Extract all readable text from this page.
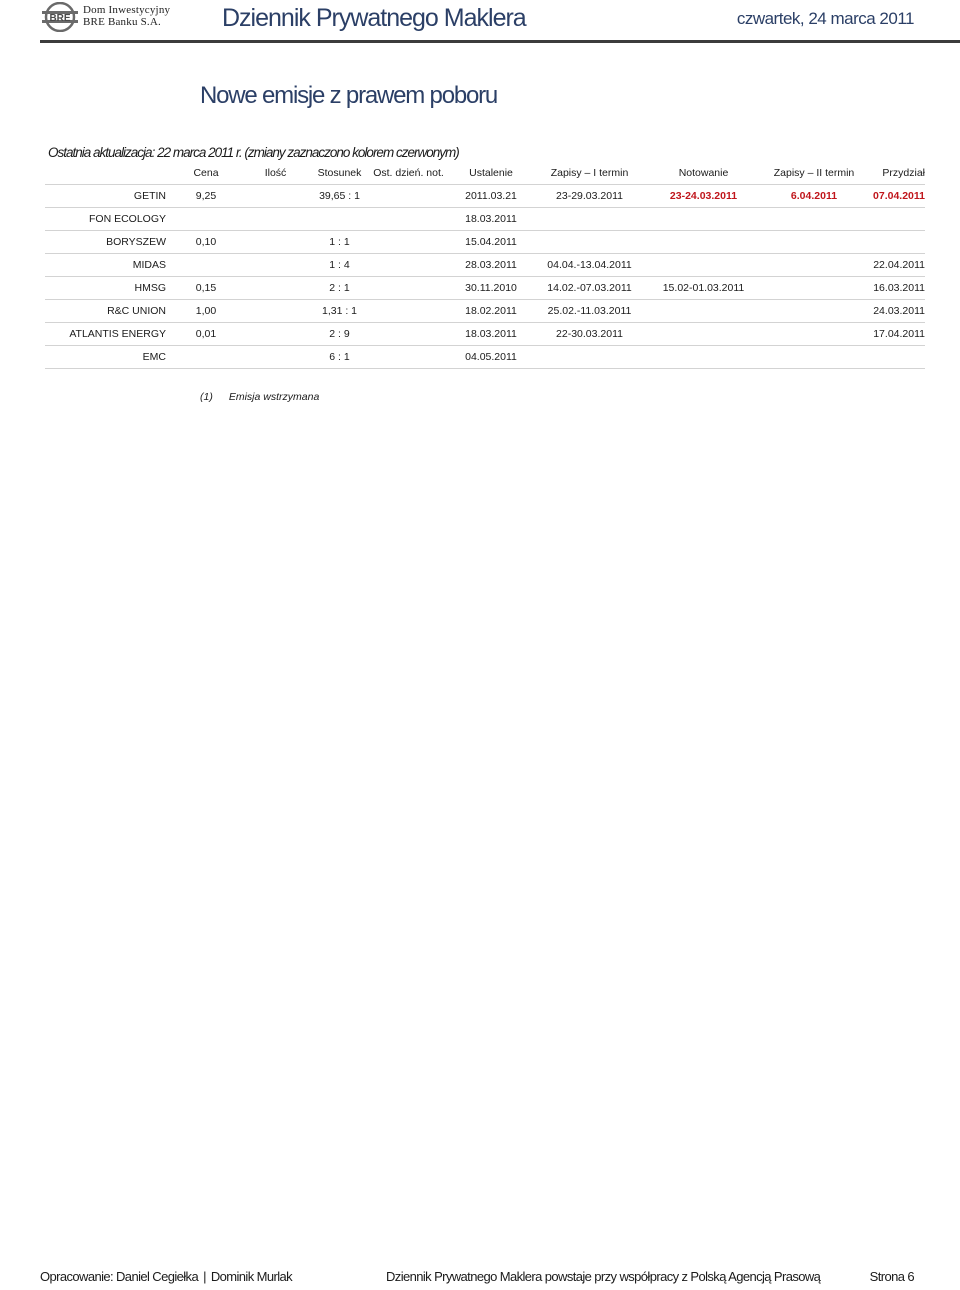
BRE
Dom Inwestycyjny
BRE Banku S.A.	Dziennik Prywatnego Maklera	czwartek, 24 marca 2011
Nowe emisje z prawem poboru
Ostatnia aktualizacja: 22 marca 2011 r. (zmiany zaznaczono kolorem czerwonym)
	Cena	Ilość	Stosunek	Ost. dzień. not.	Ustalenie	Zapisy – I termin	Notowanie	Zapisy – II termin	Przydział
GETIN	9,25		39,65 : 1		2011.03.21	23-29.03.2011	23-24.03.2011	6.04.2011	07.04.2011
FON ECOLOGY					18.03.2011				
BORYSZEW	0,10		1 : 1		15.04.2011				
MIDAS			1 : 4		28.03.2011	04.04.-13.04.2011			22.04.2011
HMSG	0,15		2 : 1		30.11.2010	14.02.-07.03.2011	15.02-01.03.2011		16.03.2011
R&C UNION	1,00		1,31 : 1		18.02.2011	25.02.-11.03.2011			24.03.2011
ATLANTIS ENERGY	0,01		2 : 9		18.03.2011	22-30.03.2011			17.04.2011
EMC			6 : 1		04.05.2011				
(1) Emisja wstrzymana
Opracowanie: Daniel Cegiełka | Dominik Murlak	Dziennik Prywatnego Maklera powstaje przy współpracy z Polską Agencją Prasową	Strona 6
